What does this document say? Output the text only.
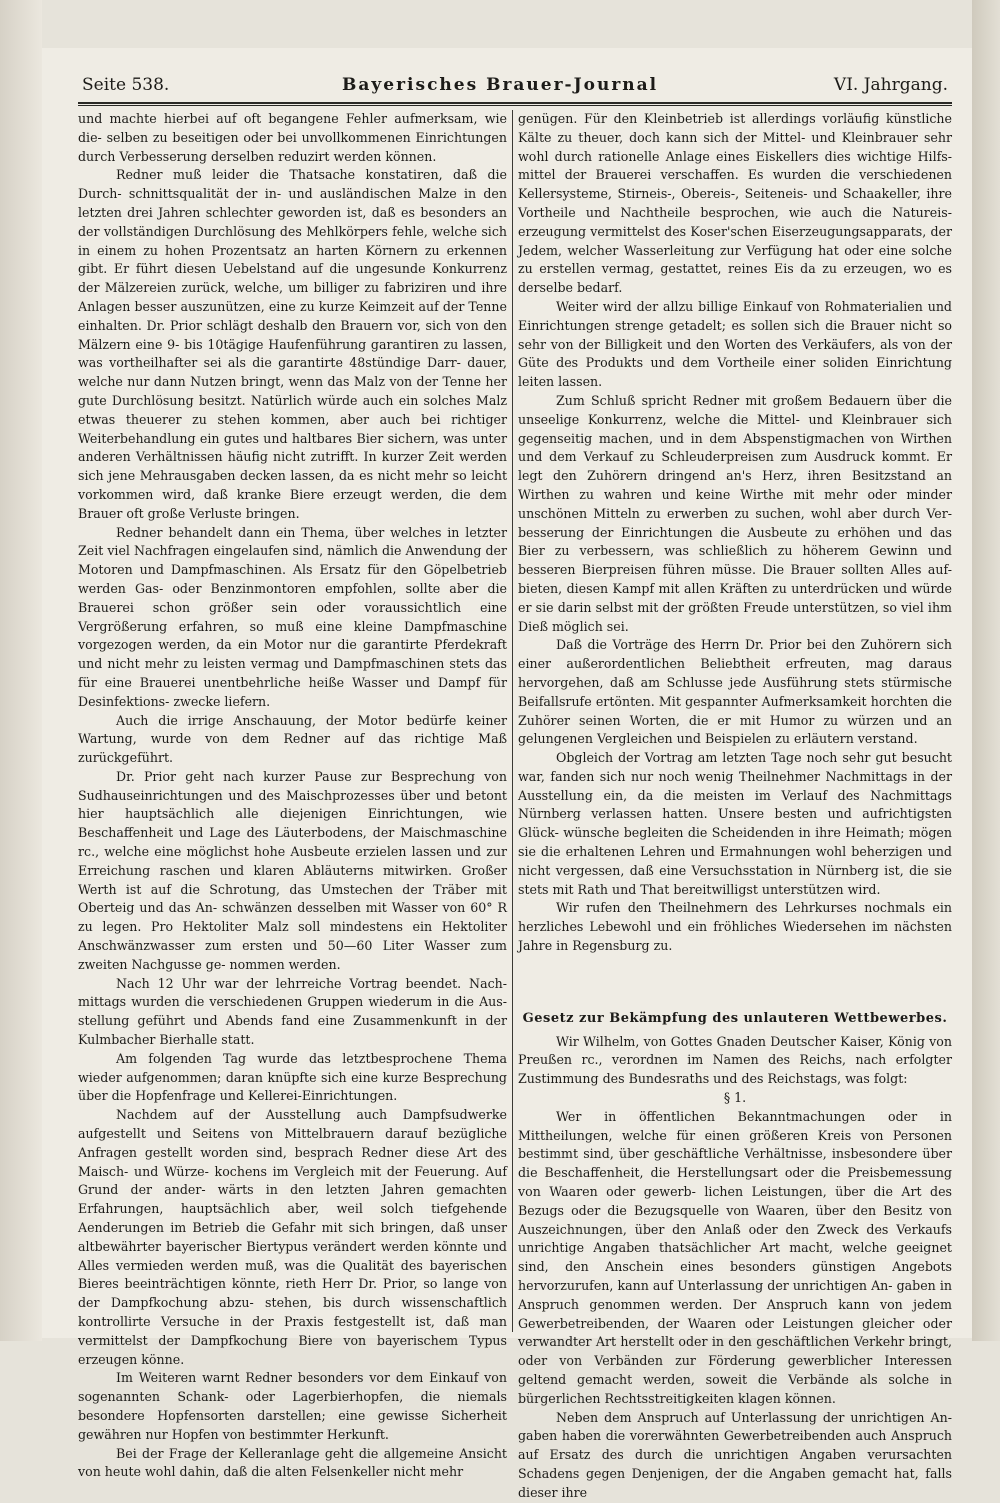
Seite 538.	Bayerisches Brauer-Journal	VI. Jahrgang.

und machte hierbei auf oft begangene Fehler aufmerksam, wie die- selben zu beseitigen oder bei unvollkommenen Einrichtungen durch Verbesserung derselben reduzirt werden können.

Redner muß leider die Thatsache konstatiren, daß die Durch- schnittsqualität der in- und ausländischen Malze in den letzten drei Jahren schlechter geworden ist, daß es besonders an der vollständigen Durchlösung des Mehlkörpers fehle, welche sich in einem zu hohen Prozentsatz an harten Körnern zu erkennen gibt. Er führt diesen Uebelstand auf die ungesunde Konkurrenz der Mälzereien zurück, welche, um billiger zu fabriziren und ihre Anlagen besser auszunützen, eine zu kurze Keimzeit auf der Tenne einhalten. Dr. Prior schlägt deshalb den Brauern vor, sich von den Mälzern eine 9- bis 10tägige Haufenführung garantiren zu lassen, was vortheilhafter sei als die garantirte 48stündige Darr- dauer, welche nur dann Nutzen bringt, wenn das Malz von der Tenne her gute Durchlösung besitzt. Natürlich würde auch ein solches Malz etwas theuerer zu stehen kommen, aber auch bei richtiger Weiterbehandlung ein gutes und haltbares Bier sichern, was unter anderen Verhältnissen häufig nicht zutrifft. In kurzer Zeit werden sich jene Mehrausgaben decken lassen, da es nicht mehr so leicht vorkommen wird, daß kranke Biere erzeugt werden, die dem Brauer oft große Verluste bringen.

Redner behandelt dann ein Thema, über welches in letzter Zeit viel Nachfragen eingelaufen sind, nämlich die Anwendung der Motoren und Dampfmaschinen. Als Ersatz für den Göpelbetrieb werden Gas- oder Benzinmontoren empfohlen, sollte aber die Brauerei schon größer sein oder voraussichtlich eine Vergrößerung erfahren, so muß eine kleine Dampfmaschine vorgezogen werden, da ein Motor nur die garantirte Pferdekraft und nicht mehr zu leisten vermag und Dampfmaschinen stets das für eine Brauerei unentbehrliche heiße Wasser und Dampf für Desinfektions- zwecke liefern.

Auch die irrige Anschauung, der Motor bedürfe keiner Wartung, wurde von dem Redner auf das richtige Maß zurückgeführt.

Dr. Prior geht nach kurzer Pause zur Besprechung von Sudhauseinrichtungen und des Maischprozesses über und betont hier hauptsächlich alle diejenigen Einrichtungen, wie Beschaffenheit und Lage des Läuterbodens, der Maischmaschine rc., welche eine möglichst hohe Ausbeute erzielen lassen und zur Erreichung raschen und klaren Abläuterns mitwirken. Großer Werth ist auf die Schrotung, das Umstechen der Träber mit Oberteig und das An- schwänzen desselben mit Wasser von 60° R zu legen. Pro Hektoliter Malz soll mindestens ein Hektoliter Anschwänzwasser zum ersten und 50—60 Liter Wasser zum zweiten Nachgusse ge- nommen werden.

Nach 12 Uhr war der lehrreiche Vortrag beendet. Nach- mittags wurden die verschiedenen Gruppen wiederum in die Aus- stellung geführt und Abends fand eine Zusammenkunft in der Kulmbacher Bierhalle statt.

Am folgenden Tag wurde das letztbesprochene Thema wieder aufgenommen; daran knüpfte sich eine kurze Besprechung über die Hopfenfrage und Kellerei-Einrichtungen.

Nachdem auf der Ausstellung auch Dampfsudwerke aufgestellt und Seitens von Mittelbrauern darauf bezügliche Anfragen gestellt worden sind, besprach Redner diese Art des Maisch- und Würze- kochens im Vergleich mit der Feuerung. Auf Grund der ander- wärts in den letzten Jahren gemachten Erfahrungen, hauptsächlich aber, weil solch tiefgehende Aenderungen im Betrieb die Gefahr mit sich bringen, daß unser altbewährter bayerischer Biertypus verändert werden könnte und Alles vermieden werden muß, was die Qualität des bayerischen Bieres beeinträchtigen könnte, rieth Herr Dr. Prior, so lange von der Dampfkochung abzu- stehen, bis durch wissenschaftlich kontrollirte Versuche in der Praxis festgestellt ist, daß man vermittelst der Dampfkochung Biere von bayerischem Typus erzeugen könne.

Im Weiteren warnt Redner besonders vor dem Einkauf von sogenannten Schank- oder Lagerbierhopfen, die niemals besondere Hopfensorten darstellen; eine gewisse Sicherheit gewähren nur Hopfen von bestimmter Herkunft.

Bei der Frage der Kelleranlage geht die allgemeine Ansicht von heute wohl dahin, daß die alten Felsenkeller nicht mehr

genügen. Für den Kleinbetrieb ist allerdings vorläufig künstliche Kälte zu theuer, doch kann sich der Mittel- und Kleinbrauer sehr wohl durch rationelle Anlage eines Eiskellers dies wichtige Hilfs- mittel der Brauerei verschaffen. Es wurden die verschiedenen Kellersysteme, Stirneis-, Obereis-, Seiteneis- und Schaakeller, ihre Vortheile und Nachtheile besprochen, wie auch die Natureis- erzeugung vermittelst des Koser'schen Eiserzeugungsapparats, der Jedem, welcher Wasserleitung zur Verfügung hat oder eine solche zu erstellen vermag, gestattet, reines Eis da zu erzeugen, wo es derselbe bedarf.

Weiter wird der allzu billige Einkauf von Rohmaterialien und Einrichtungen strenge getadelt; es sollen sich die Brauer nicht so sehr von der Billigkeit und den Worten des Verkäufers, als von der Güte des Produkts und dem Vortheile einer soliden Einrichtung leiten lassen.

Zum Schluß spricht Redner mit großem Bedauern über die unseelige Konkurrenz, welche die Mittel- und Kleinbrauer sich gegenseitig machen, und in dem Abspenstigmachen von Wirthen und dem Verkauf zu Schleuderpreisen zum Ausdruck kommt. Er legt den Zuhörern dringend an's Herz, ihren Besitzstand an Wirthen zu wahren und keine Wirthe mit mehr oder minder unschönen Mitteln zu erwerben zu suchen, wohl aber durch Ver- besserung der Einrichtungen die Ausbeute zu erhöhen und das Bier zu verbessern, was schließlich zu höherem Gewinn und besseren Bierpreisen führen müsse. Die Brauer sollten Alles auf- bieten, diesen Kampf mit allen Kräften zu unterdrücken und würde er sie darin selbst mit der größten Freude unterstützen, so viel ihm Dieß möglich sei.

Daß die Vorträge des Herrn Dr. Prior bei den Zuhörern sich einer außerordentlichen Beliebtheit erfreuten, mag daraus hervorgehen, daß am Schlusse jede Ausführung stets stürmische Beifallsrufe ertönten. Mit gespannter Aufmerksamkeit horchten die Zuhörer seinen Worten, die er mit Humor zu würzen und an gelungenen Vergleichen und Beispielen zu erläutern verstand.

Obgleich der Vortrag am letzten Tage noch sehr gut besucht war, fanden sich nur noch wenig Theilnehmer Nachmittags in der Ausstellung ein, da die meisten im Verlauf des Nachmittags Nürnberg verlassen hatten. Unsere besten und aufrichtigsten Glück- wünsche begleiten die Scheidenden in ihre Heimath; mögen sie die erhaltenen Lehren und Ermahnungen wohl beherzigen und nicht vergessen, daß eine Versuchsstation in Nürnberg ist, die sie stets mit Rath und That bereitwilligst unterstützen wird.

Wir rufen den Theilnehmern des Lehrkurses nochmals ein herzliches Lebewohl und ein fröhliches Wiedersehen im nächsten Jahre in Regensburg zu.

Gesetz zur Bekämpfung des unlauteren Wettbewerbes.

Wir Wilhelm, von Gottes Gnaden Deutscher Kaiser, König von Preußen rc., verordnen im Namen des Reichs, nach erfolgter Zustimmung des Bundesraths und des Reichstags, was folgt:

§ 1.

Wer in öffentlichen Bekanntmachungen oder in Mittheilungen, welche für einen größeren Kreis von Personen bestimmt sind, über geschäftliche Verhältnisse, insbesondere über die Beschaffenheit, die Herstellungsart oder die Preisbemessung von Waaren oder gewerb- lichen Leistungen, über die Art des Bezugs oder die Bezugsquelle von Waaren, über den Besitz von Auszeichnungen, über den Anlaß oder den Zweck des Verkaufs unrichtige Angaben thatsächlicher Art macht, welche geeignet sind, den Anschein eines besonders günstigen Angebots hervorzurufen, kann auf Unterlassung der unrichtigen An- gaben in Anspruch genommen werden. Der Anspruch kann von jedem Gewerbetreibenden, der Waaren oder Leistungen gleicher oder verwandter Art herstellt oder in den geschäftlichen Verkehr bringt, oder von Verbänden zur Förderung gewerblicher Interessen geltend gemacht werden, soweit die Verbände als solche in bürgerlichen Rechtsstreitigkeiten klagen können.

Neben dem Anspruch auf Unterlassung der unrichtigen An- gaben haben die vorerwähnten Gewerbetreibenden auch Anspruch auf Ersatz des durch die unrichtigen Angaben verursachten Schadens gegen Denjenigen, der die Angaben gemacht hat, falls dieser ihre
